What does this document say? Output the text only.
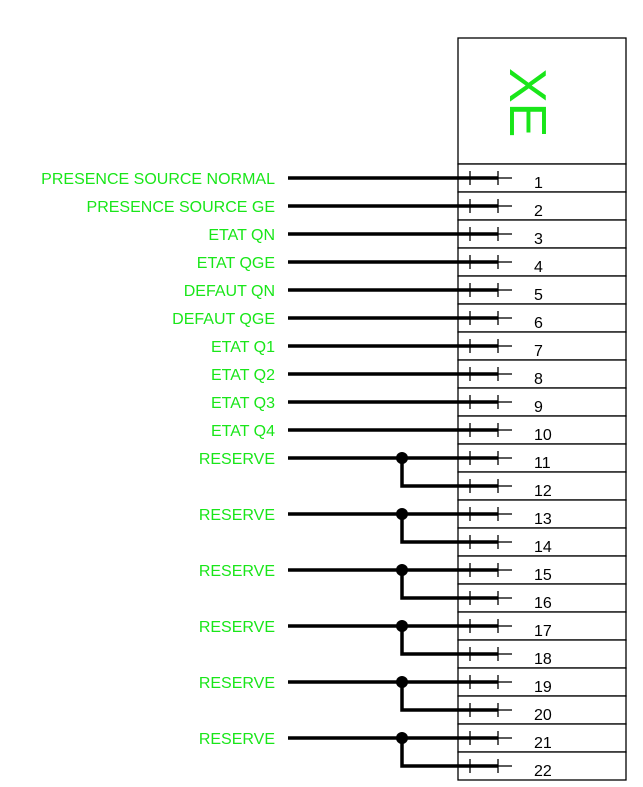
XE
1
2
3
4
5
6
7
8
9
10
11
12
13
14
15
16
17
18
19
20
21
22
PRESENCE SOURCE NORMAL
PRESENCE SOURCE GE
ETAT QN
ETAT QGE
DEFAUT QN
DEFAUT QGE
ETAT Q1
ETAT Q2
ETAT Q3
ETAT Q4
RESERVE
RESERVE
RESERVE
RESERVE
RESERVE
RESERVE
